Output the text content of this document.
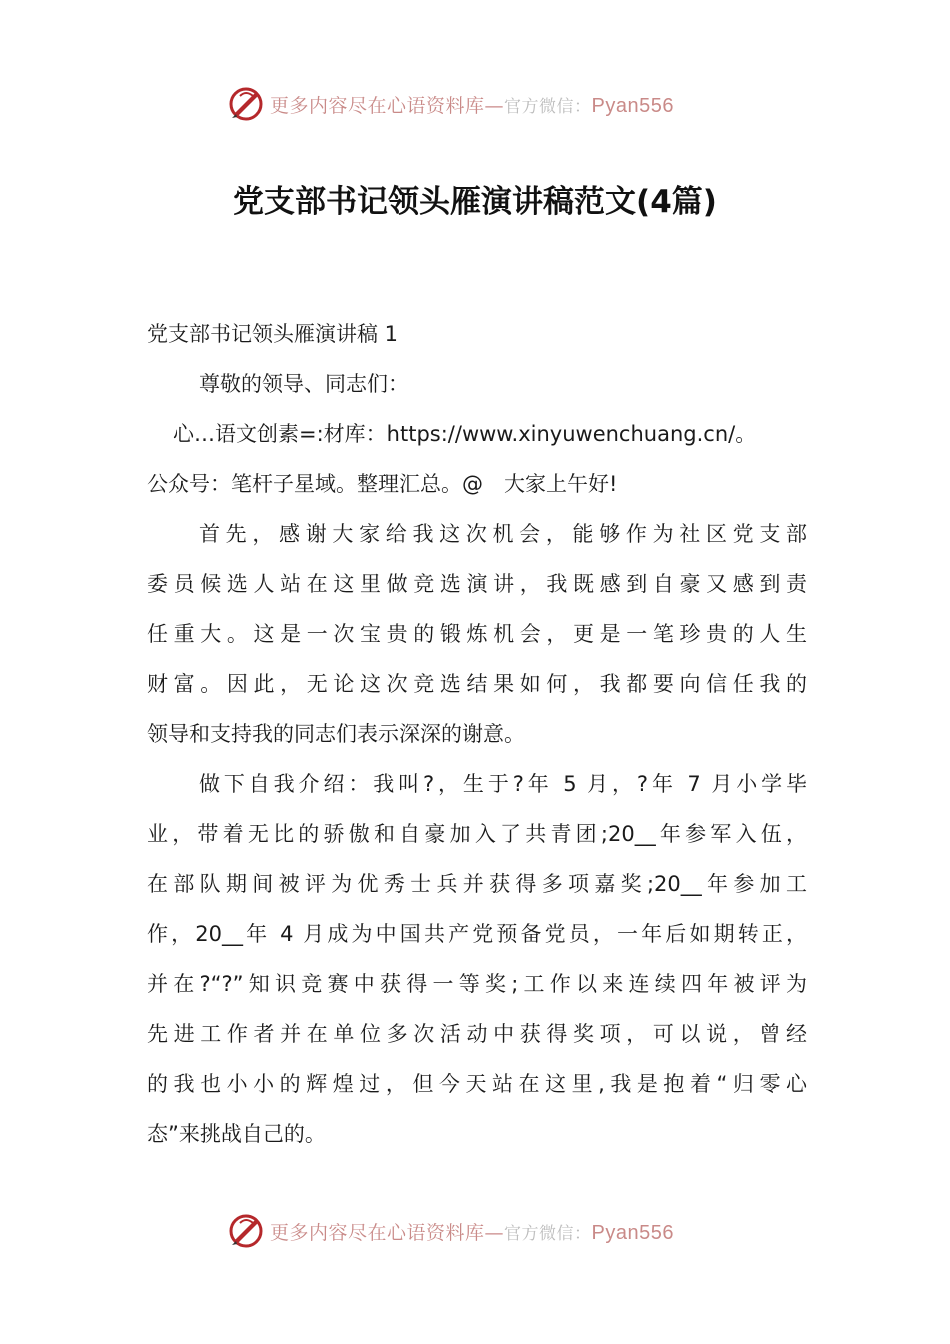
更多内容尽在心语资料库—官方微信：Pyan556
党支部书记领头雁演讲稿范文(4篇)
党支部书记领头雁演讲稿 1
尊敬的领导、同志们：
心…语文创素=:材库：https://www.xinyuwenchuang.cn/。
公众号：笔杆子星域。整理汇总。@　大家上午好!
首先，感谢大家给我这次机会，能够作为社区党支部
委员候选人站在这里做竞选演讲，我既感到自豪又感到责
任重大。这是一次宝贵的锻炼机会，更是一笔珍贵的人生
财富。因此，无论这次竞选结果如何，我都要向信任我的
领导和支持我的同志们表示深深的谢意。
做下自我介绍：我叫?，生于?年 5 月，?年 7 月小学毕
业，带着无比的骄傲和自豪加入了共青团;20__年参军入伍，
在部队期间被评为优秀士兵并获得多项嘉奖;20__年参加工
作，20__年 4 月成为中国共产党预备党员，一年后如期转正，
并在?“?”知识竞赛中获得一等奖;工作以来连续四年被评为
先进工作者并在单位多次活动中获得奖项，可以说，曾经
的我也小小的辉煌过，但今天站在这里,我是抱着“归零心
态”来挑战自己的。
更多内容尽在心语资料库—官方微信：Pyan556
